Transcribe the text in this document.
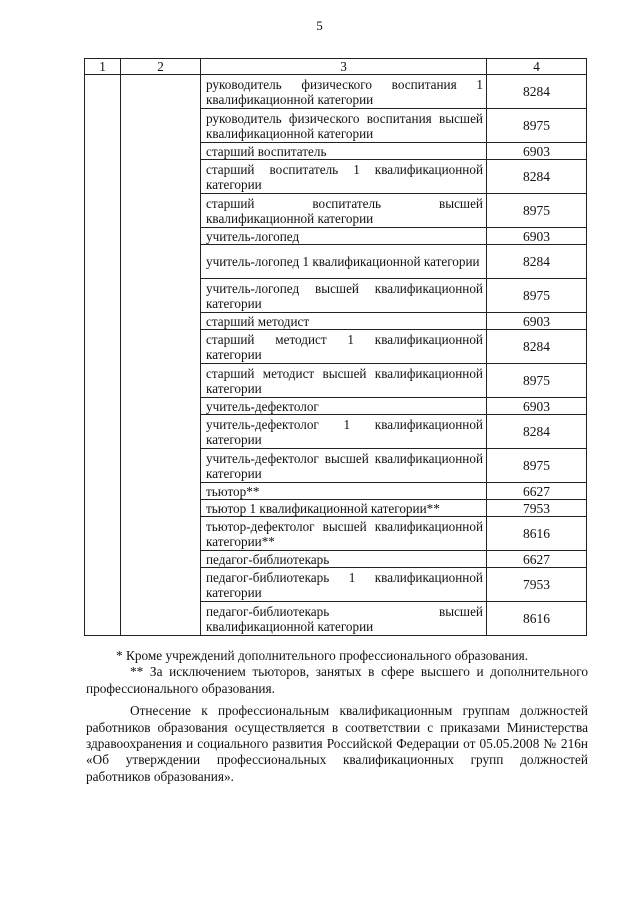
5
1	2	3	4
		руководитель физического воспитания 1 квалификационной категории	8284
		руководитель физического воспитания высшей квалификационной категории	8975
		старший воспитатель	6903
		старший воспитатель 1 квалификационной категории	8284
		старший воспитатель высшей квалификационной категории	8975
		учитель-логопед	6903
		учитель-логопед 1 квалификационной категории	8284
		учитель-логопед высшей квалификационной категории	8975
		старший методист	6903
		старший методист 1 квалификационной категории	8284
		старший методист высшей квалификационной категории	8975
		учитель-дефектолог	6903
		учитель-дефектолог 1 квалификационной категории	8284
		учитель-дефектолог высшей квалификационной категории	8975
		тьютор**	6627
		тьютор 1 квалификационной категории**	7953
		тьютор-дефектолог высшей квалификационной категории**	8616
		педагог-библиотекарь	6627
		педагог-библиотекарь 1 квалификационной категории	7953
		педагог-библиотекарь высшей квалификационной категории	8616

* Кроме учреждений дополнительного профессионального образования.

** За исключением тьюторов, занятых в сфере высшего и дополнительного профессионального образования.

Отнесение к профессиональным квалификационным группам должностей работников образования осуществляется в соответствии с приказами Министерства здравоохранения и социального развития Российской Федерации от 05.05.2008 № 216н «Об утверждении профессиональных квалификационных групп должностей работников образования».
